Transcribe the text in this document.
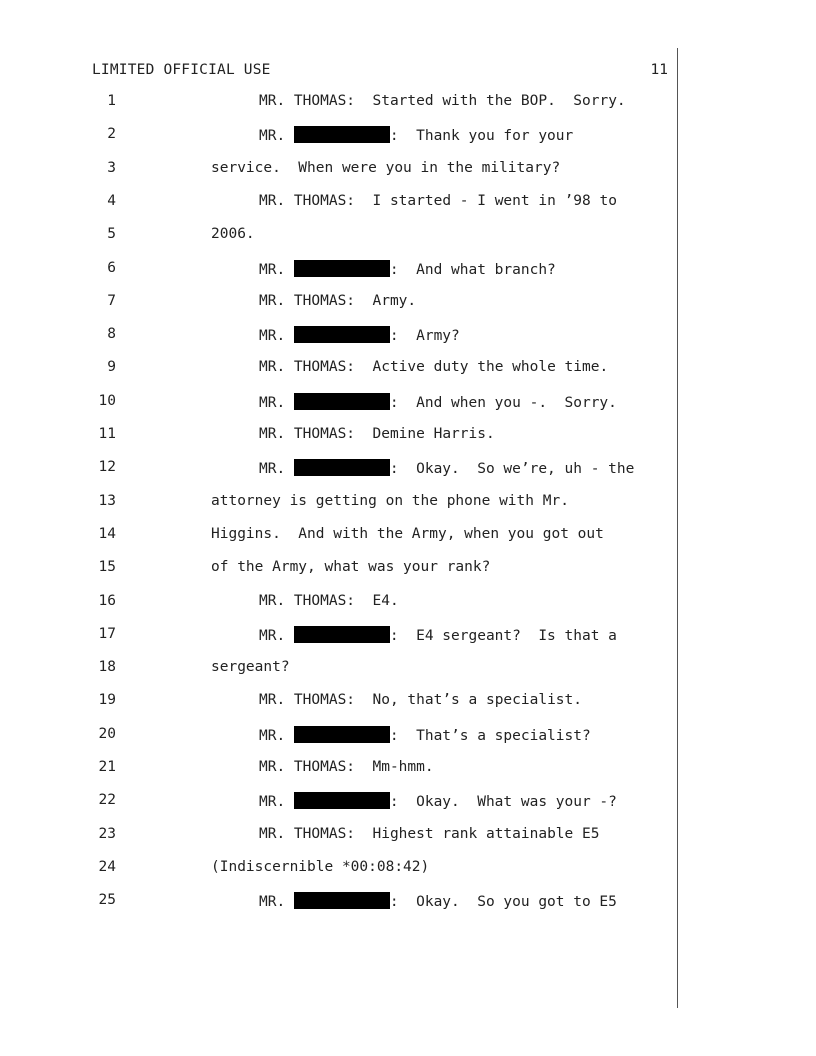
LIMITED OFFICIAL USE	11
1	MR. THOMAS:  Started with the BOP.  Sorry.
2	MR.	:  Thank you for your
3	service.  When were you in the military?
4	MR. THOMAS:  I started - I went in ’98 to
5	2006.
6	MR.	:  And what branch?
7	MR. THOMAS:  Army.
8	MR.	:  Army?
9	MR. THOMAS:  Active duty the whole time.
10	MR.	:  And when you -.  Sorry.
11	MR. THOMAS:  Demine Harris.
12	MR.	:  Okay.  So we’re, uh - the
13	attorney is getting on the phone with Mr.
14	Higgins.  And with the Army, when you got out
15	of the Army, what was your rank?
16	MR. THOMAS:  E4.
17	MR.	:  E4 sergeant?  Is that a
18	sergeant?
19	MR. THOMAS:  No, that’s a specialist.
20	MR.	:  That’s a specialist?
21	MR. THOMAS:  Mm-hmm.
22	MR.	:  Okay.  What was your -?
23	MR. THOMAS:  Highest rank attainable E5
24	(Indiscernible *00:08:42)
25	MR.	:  Okay.  So you got to E5
